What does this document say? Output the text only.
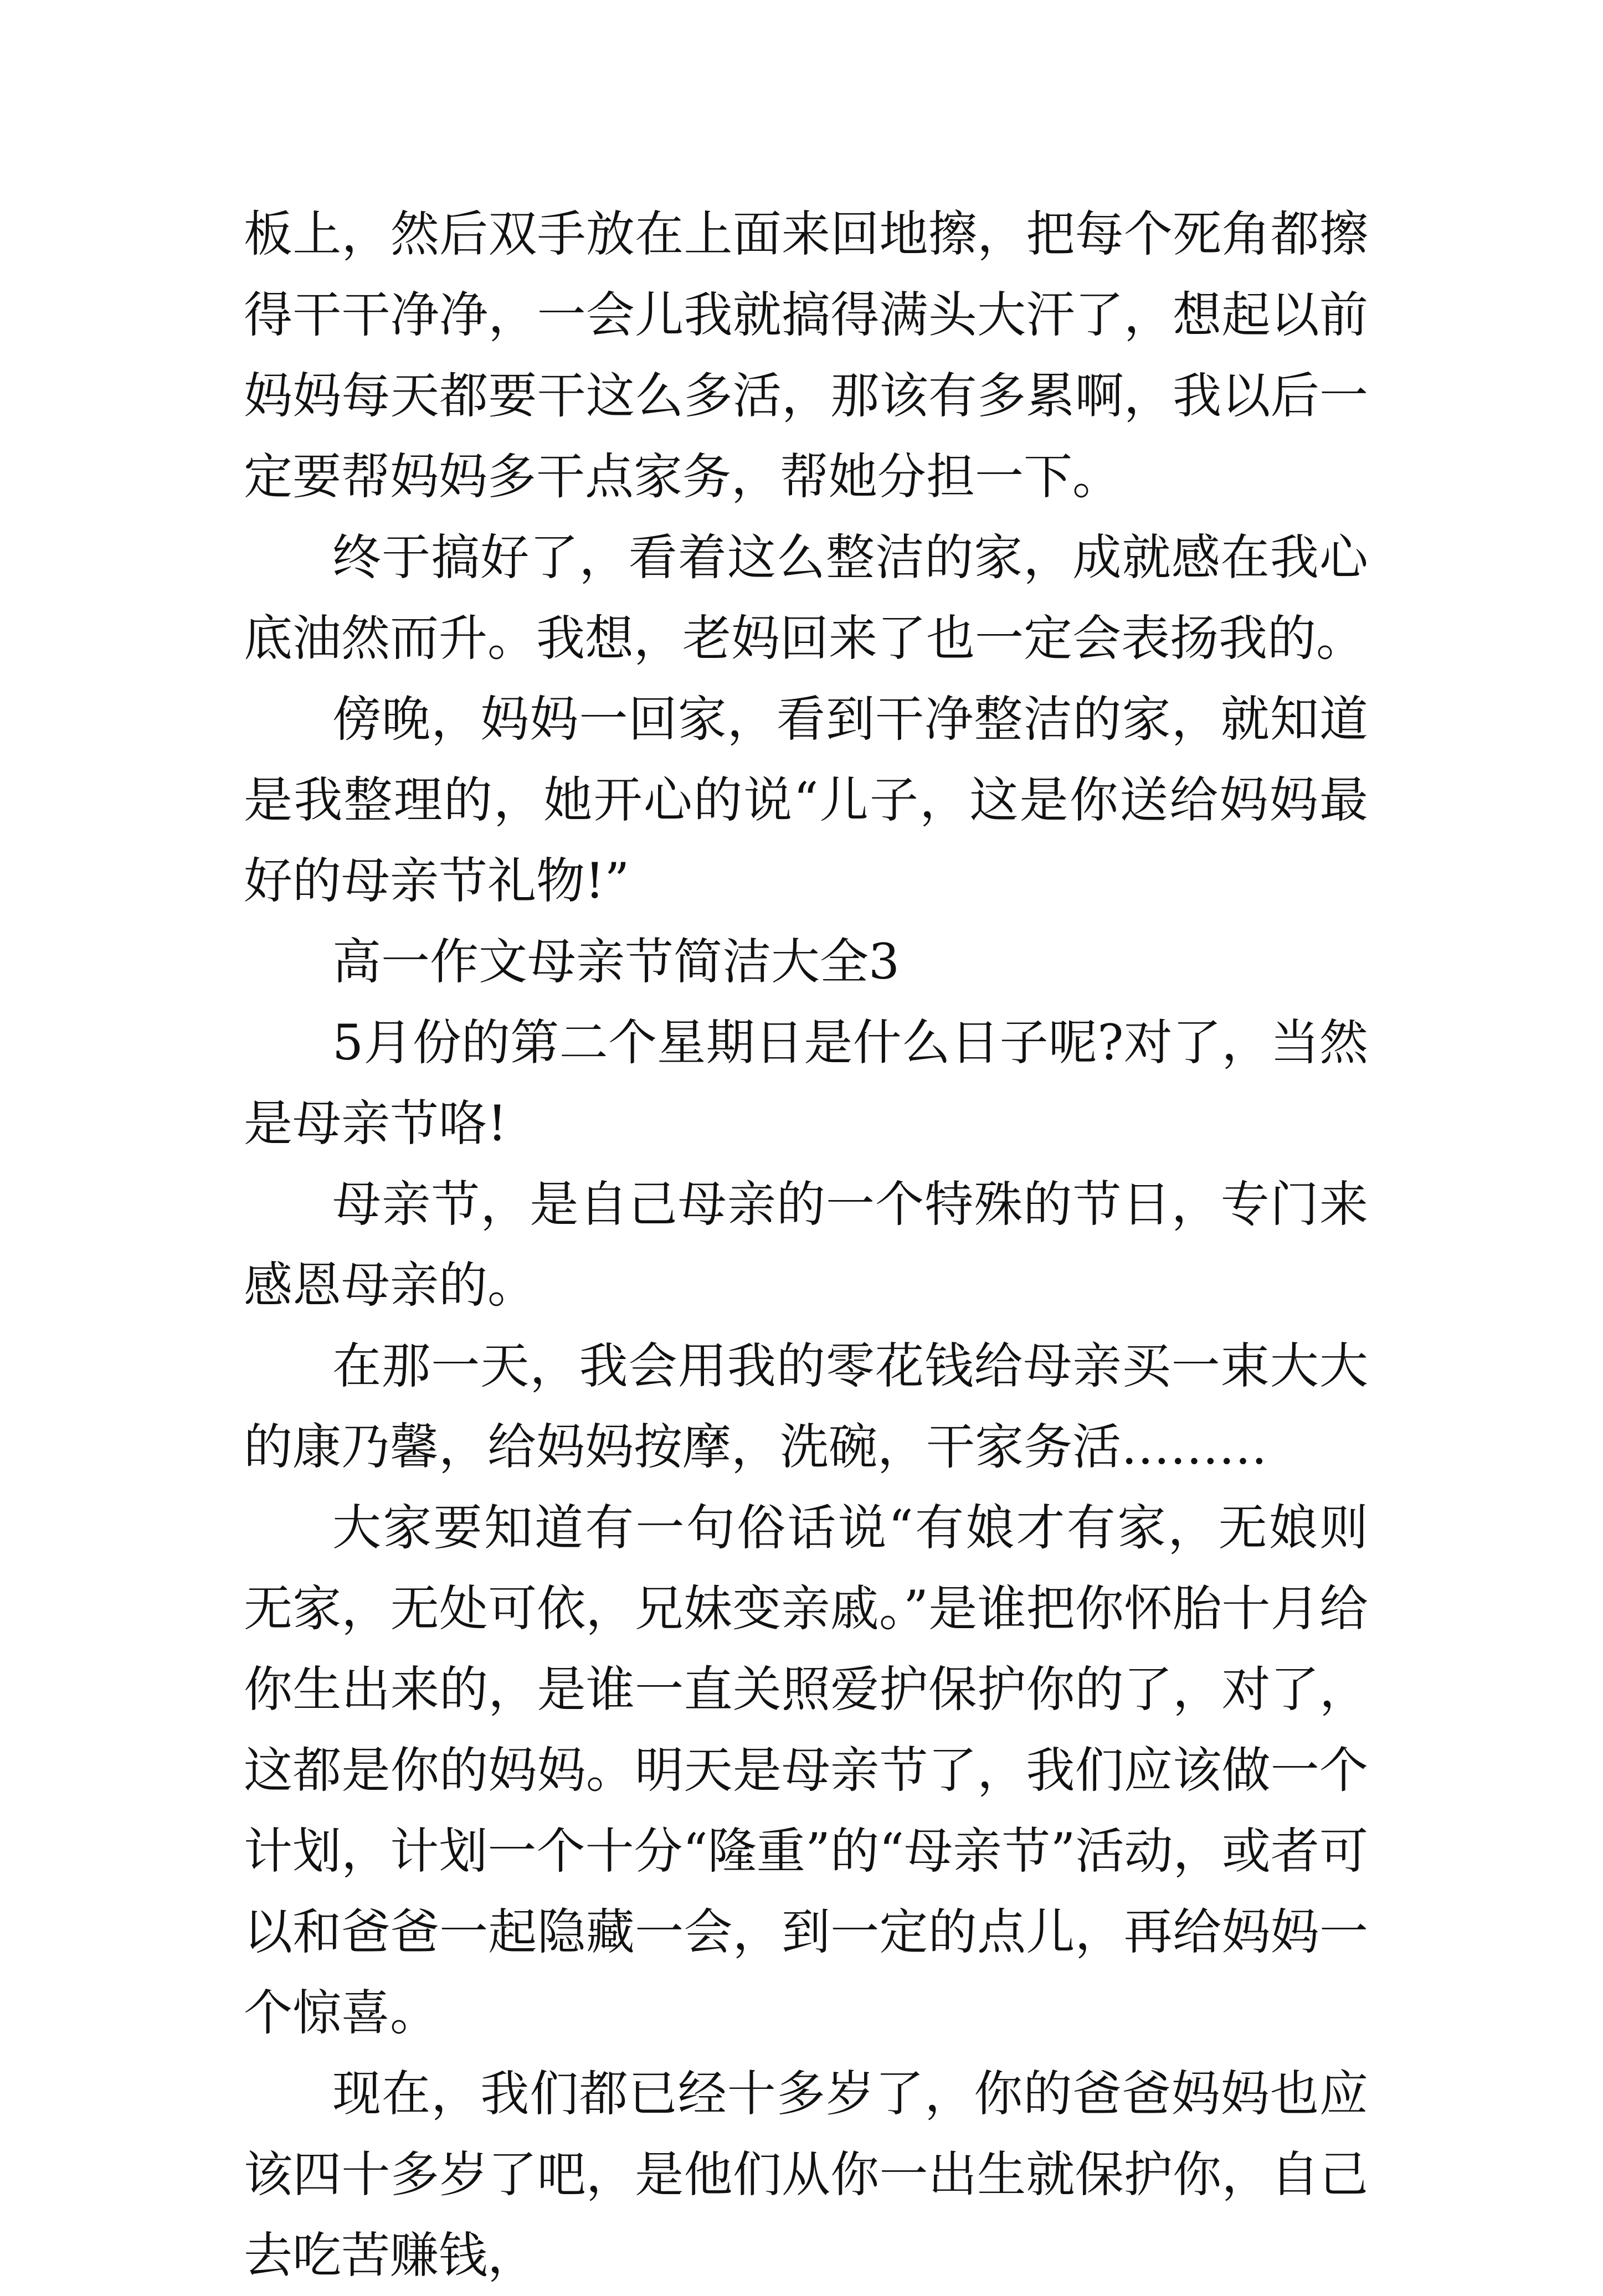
板上，然后双手放在上面来回地擦，把每个死角都擦得干干净净，一会儿我就搞得满头大汗了，想起以前妈妈每天都要干这么多活，那该有多累啊，我以后一定要帮妈妈多干点家务，帮她分担一下。

终于搞好了，看着这么整洁的家，成就感在我心底油然而升。我想，老妈回来了也一定会表扬我的。

傍晚，妈妈一回家，看到干净整洁的家，就知道是我整理的，她开心的说“儿子，这是你送给妈妈最好的母亲节礼物!”

高一作文母亲节简洁大全3

5月份的第二个星期日是什么日子呢?对了，当然是母亲节咯!

母亲节，是自己母亲的一个特殊的节日，专门来感恩母亲的。

在那一天，我会用我的零花钱给母亲买一束大大的康乃馨，给妈妈按摩，洗碗，干家务活………

大家要知道有一句俗话说“有娘才有家，无娘则无家，无处可依，兄妹变亲戚。”是谁把你怀胎十月给你生出来的，是谁一直关照爱护保护你的了，对了，这都是你的妈妈。明天是母亲节了，我们应该做一个计划，计划一个十分“隆重”的“母亲节”活动，或者可以和爸爸一起隐藏一会，到一定的点儿，再给妈妈一个惊喜。

现在，我们都已经十多岁了，你的爸爸妈妈也应该四十多岁了吧，是他们从你一出生就保护你，自己去吃苦赚钱，
